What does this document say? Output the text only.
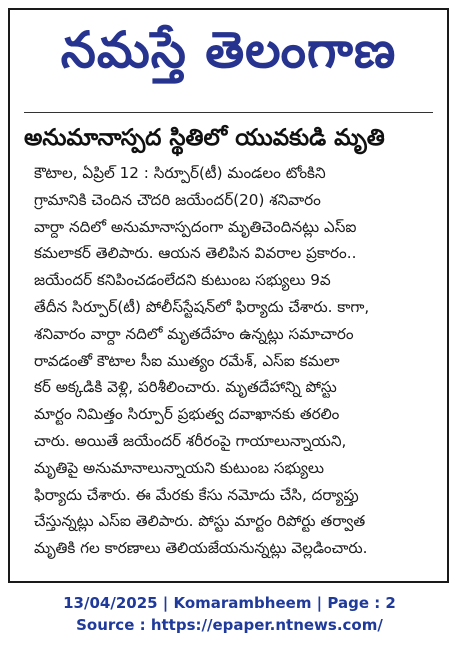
నమస్తే తెలంగాణ
అనుమానాస్పద స్థితిలో యువకుడి మృతి
కౌటాల, ఏప్రిల్ 12 : సిర్పూర్(టీ) మండలం టోంకిని
గ్రామానికి చెందిన చౌదరి జయేందర్(20) శనివారం
వార్దా నదిలో అనుమానాస్పదంగా మృతిచెందినట్లు ఎస్ఐ
కమలాకర్ తెలిపారు. ఆయన తెలిపిన వివరాల ప్రకారం..
జయేందర్ కనిపించడంలేదని కుటుంబ సభ్యులు 9వ
తేదీన సిర్పూర్(టీ) పోలీస్‌స్టేషన్‌లో ఫిర్యాదు చేశారు. కాగా,
శనివారం వార్దా నదిలో మృతదేహం ఉన్నట్లు సమాచారం
రావడంతో కౌటాల సీఐ ముత్యం రమేశ్, ఎస్ఐ కమలా
కర్ అక్కడికి వెళ్లి, పరిశీలించారు. మృతదేహాన్ని పోస్టు
మార్టం నిమిత్తం సిర్పూర్ ప్రభుత్వ దవాఖానకు తరలిం
చారు. అయితే జయేందర్ శరీరంపై గాయాలున్నాయని,
మృతిపై అనుమానాలున్నాయని కుటుంబ సభ్యులు
ఫిర్యాదు చేశారు. ఈ మేరకు కేసు నమోదు చేసి, దర్యాప్తు
చేస్తున్నట్లు ఎస్ఐ తెలిపారు. పోస్టు మార్టం రిపోర్టు తర్వాత
మృతికి గల కారణాలు తెలియజేయనున్నట్లు వెల్లడించారు.
13/04/2025 | Komarambheem | Page : 2
Source : https://epaper.ntnews.com/
